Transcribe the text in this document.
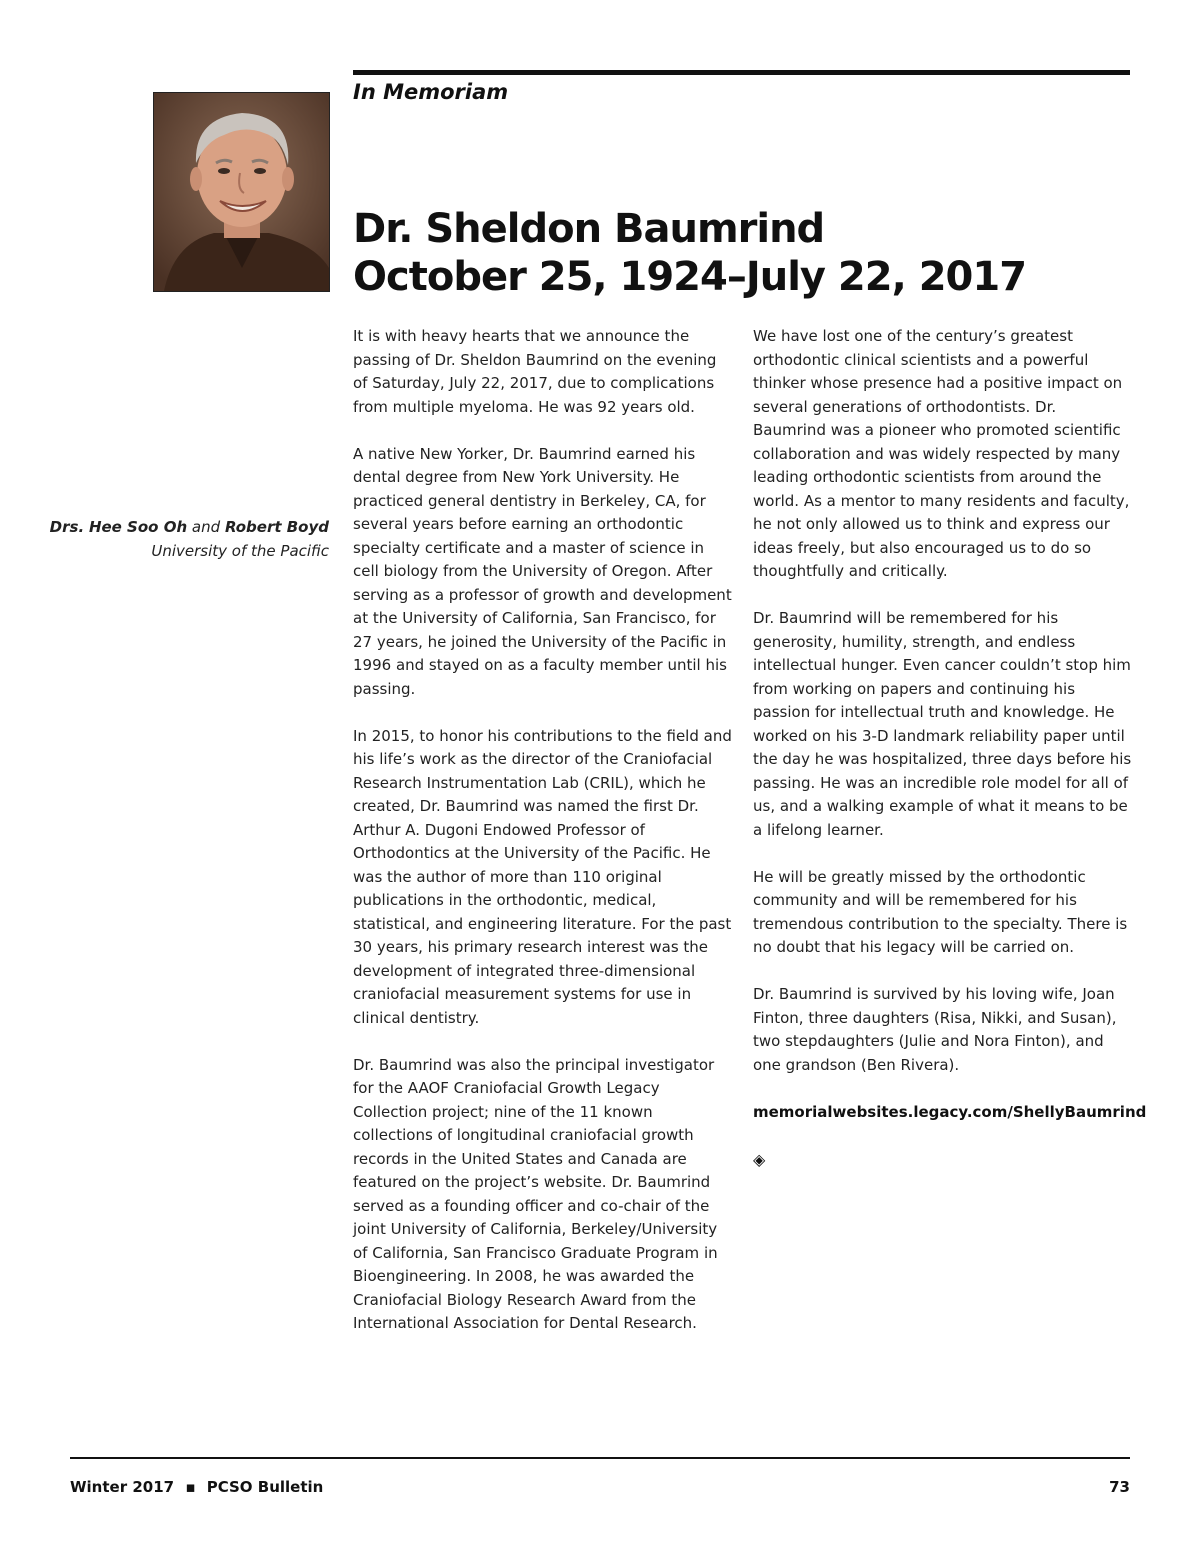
In Memoriam
Dr. Sheldon Baumrind
October 25, 1924–July 22, 2017
Drs. Hee Soo Oh and Robert Boyd
University of the Pacific

It is with heavy hearts that we announce the passing of Dr. Sheldon Baumrind on the evening of Saturday, July 22, 2017, due to complications from multiple myeloma. He was 92 years old.

A native New Yorker, Dr. Baumrind earned his dental degree from New York University. He practiced general dentistry in Berkeley, CA, for several years before earning an orthodontic specialty certificate and a master of science in cell biology from the University of Oregon. After serving as a professor of growth and development at the University of California, San Francisco, for 27 years, he joined the University of the Pacific in 1996 and stayed on as a faculty member until his passing.

In 2015, to honor his contributions to the field and his life’s work as the director of the Craniofacial Research Instrumentation Lab (CRIL), which he created, Dr. Baumrind was named the first Dr. Arthur A. Dugoni Endowed Professor of Orthodontics at the University of the Pacific. He was the author of more than 110 original publications in the orthodontic, medical, statistical, and engineering literature. For the past 30 years, his primary research interest was the development of integrated three-dimensional craniofacial measurement systems for use in clinical dentistry.

Dr. Baumrind was also the principal investigator for the AAOF Craniofacial Growth Legacy Collection project; nine of the 11 known collections of longitudinal craniofacial growth records in the United States and Canada are featured on the project’s website. Dr. Baumrind served as a founding officer and co-chair of the joint University of California, Berkeley/University of California, San Francisco Graduate Program in Bioengineering. In 2008, he was awarded the Craniofacial Biology Research Award from the International Association for Dental Research.

We have lost one of the century’s greatest orthodontic clinical scientists and a powerful thinker whose presence had a positive impact on several generations of orthodontists. Dr. Baumrind was a pioneer who promoted scientific collaboration and was widely respected by many leading orthodontic scientists from around the world. As a mentor to many residents and faculty, he not only allowed us to think and express our ideas freely, but also encouraged us to do so thoughtfully and critically.

Dr. Baumrind will be remembered for his generosity, humility, strength, and endless intellectual hunger. Even cancer couldn’t stop him from working on papers and continuing his passion for intellectual truth and knowledge. He worked on his 3-D landmark reliability paper until the day he was hospitalized, three days before his passing. He was an incredible role model for all of us, and a walking example of what it means to be a lifelong learner.

He will be greatly missed by the orthodontic community and will be remembered for his tremendous contribution to the specialty. There is no doubt that his legacy will be carried on.

Dr. Baumrind is survived by his loving wife, Joan Finton, three daughters (Risa, Nikki, and Susan), two stepdaughters (Julie and Nora Finton), and one grandson (Ben Rivera).

memorialwebsites.legacy.com/ShellyBaumrind
◈
Winter 2017 ▪ PCSO Bulletin	73
